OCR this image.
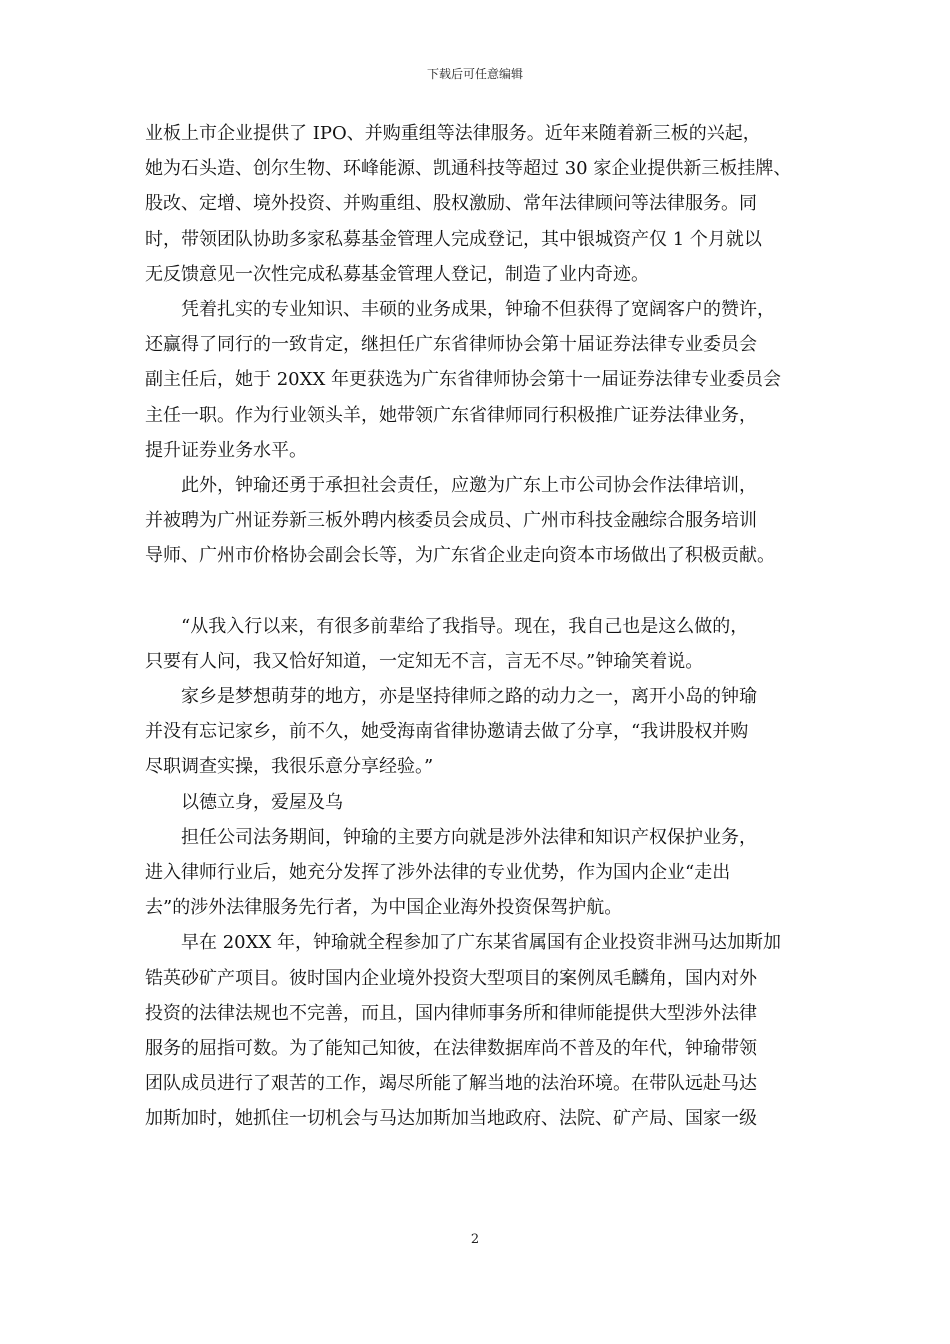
下载后可任意编辑
业板上市企业提供了 IPO、并购重组等法律服务。近年来随着新三板的兴起，
她为石头造、创尔生物、环峰能源、凯通科技等超过 30 家企业提供新三板挂牌、
股改、定增、境外投资、并购重组、股权激励、常年法律顾问等法律服务。同
时，带领团队协助多家私募基金管理人完成登记，其中银城资产仅 1 个月就以
无反馈意见一次性完成私募基金管理人登记，制造了业内奇迹。
凭着扎实的专业知识、丰硕的业务成果，钟瑜不但获得了宽阔客户的赞许，
还赢得了同行的一致肯定，继担任广东省律师协会第十届证券法律专业委员会
副主任后，她于 20XX 年更获选为广东省律师协会第十一届证券法律专业委员会
主任一职。作为行业领头羊，她带领广东省律师同行积极推广证券法律业务，
提升证券业务水平。
此外，钟瑜还勇于承担社会责任，应邀为广东上市公司协会作法律培训，
并被聘为广州证券新三板外聘内核委员会成员、广州市科技金融综合服务培训
导师、广州市价格协会副会长等，为广东省企业走向资本市场做出了积极贡献。
“从我入行以来，有很多前辈给了我指导。现在，我自己也是这么做的，
只要有人问，我又恰好知道，一定知无不言，言无不尽。”钟瑜笑着说。
家乡是梦想萌芽的地方，亦是坚持律师之路的动力之一，离开小岛的钟瑜
并没有忘记家乡，前不久，她受海南省律协邀请去做了分享，“我讲股权并购
尽职调查实操，我很乐意分享经验。”
以德立身，爱屋及乌
担任公司法务期间，钟瑜的主要方向就是涉外法律和知识产权保护业务，
进入律师行业后，她充分发挥了涉外法律的专业优势，作为国内企业“走出
去”的涉外法律服务先行者，为中国企业海外投资保驾护航。
早在 20XX 年，钟瑜就全程参加了广东某省属国有企业投资非洲马达加斯加
锆英砂矿产项目。彼时国内企业境外投资大型项目的案例凤毛麟角，国内对外
投资的法律法规也不完善，而且，国内律师事务所和律师能提供大型涉外法律
服务的屈指可数。为了能知己知彼，在法律数据库尚不普及的年代，钟瑜带领
团队成员进行了艰苦的工作，竭尽所能了解当地的法治环境。在带队远赴马达
加斯加时，她抓住一切机会与马达加斯加当地政府、法院、矿产局、国家一级
2
